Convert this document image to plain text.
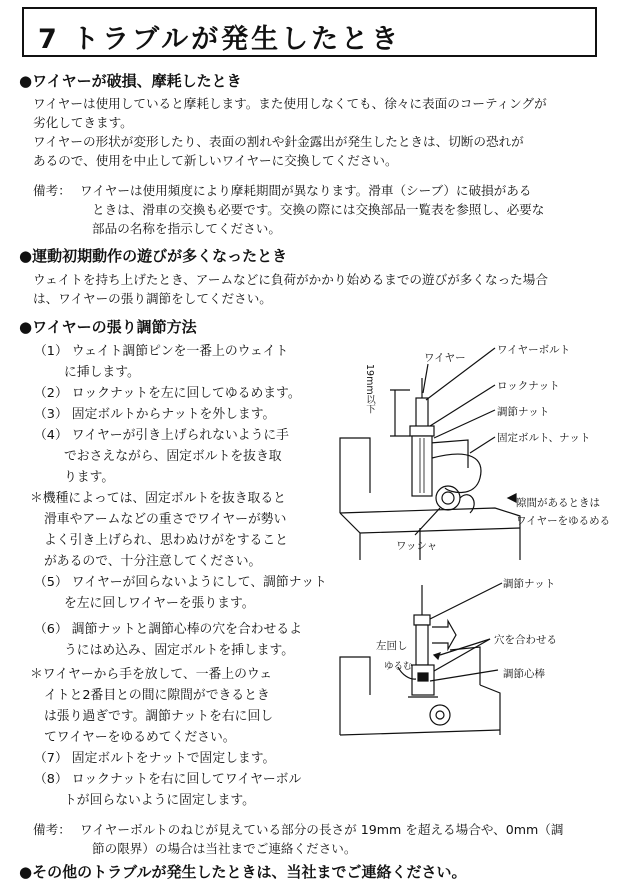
7 トラブルが発生したとき
●ワイヤーが破損、摩耗したとき
ワイヤーは使用していると摩耗します。また使用しなくても、徐々に表面のコーティングが
劣化してきます。
ワイヤーの形状が変形したり、表面の割れや針金露出が発生したときは、切断の恐れが
あるので、使用を中止して新しいワイヤーに交換してください。
備考： ワイヤーは使用頻度により摩耗期間が異なります。滑車（シーブ）に破損がある
ときは、滑車の交換も必要です。交換の際には交換部品一覧表を参照し、必要な
部品の名称を指示してください。
●運動初期動作の遊びが多くなったとき
ウェイトを持ち上げたとき、アームなどに負荷がかかり始めるまでの遊びが多くなった場合
は、ワイヤーの張り調節をしてください。
●ワイヤーの張り調節方法
（1） ウェイト調節ピンを一番上のウェイト
に挿します。
（2） ロックナットを左に回してゆるめます。
（3） 固定ボルトからナットを外します。
（4） ワイヤーが引き上げられないように手
でおさえながら、固定ボルトを抜き取
ります。
＊機種によっては、固定ボルトを抜き取ると
滑車やアームなどの重さでワイヤーが勢い
よく引き上げられ、思わぬけがをすること
があるので、十分注意してください。
（5） ワイヤーが回らないようにして、調節ナット
を左に回しワイヤーを張ります。
（6） 調節ナットと調節心棒の穴を合わせるよ
うにはめ込み、固定ボルトを挿します。
＊ワイヤーから手を放して、一番上のウェ
イトと2番目との間に隙間ができるとき
は張り過ぎです。調節ナットを右に回し
てワイヤーをゆるめてください。
（7） 固定ボルトをナットで固定します。
（8） ロックナットを右に回してワイヤーボル
トが回らないように固定します。
ワイヤー
ワイヤーボルト
ロックナット
調節ナット
固定ボルト、ナット
隙間があるときは
ワイヤーをゆるめる
ワッシャ
19mm以下
調節ナット
左回し
ゆるむ
穴を合わせる
調節心棒
備考： ワイヤーボルトのねじが見えている部分の長さが 19mm を超える場合や、0mm（調
節の限界）の場合は当社までご連絡ください。
●その他のトラブルが発生したときは、当社までご連絡ください。
